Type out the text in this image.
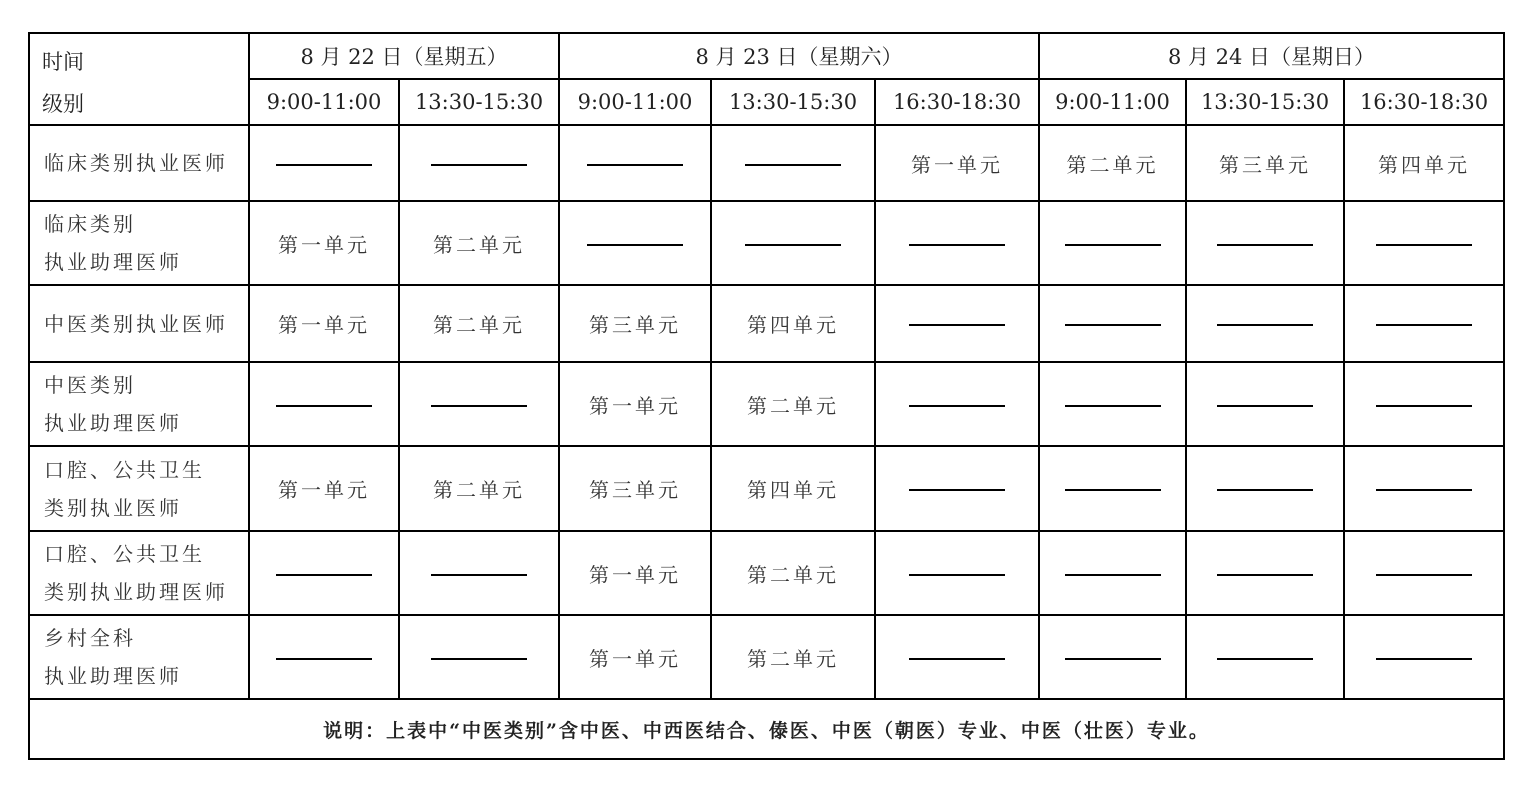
时间
级别	8 月 22 日（星期五）		8 月 23 日（星期六）			8 月 24 日（星期日）		
	9:00-11:00	13:30-15:30	9:00-11:00	13:30-15:30	16:30-18:30	9:00-11:00	13:30-15:30	16:30-18:30

临床类别执业医师					第一单元	第二单元	第三单元	第四单元

临床类别
执业助理医师	第一单元	第二单元						

中医类别执业医师	第一单元	第二单元	第三单元	第四单元				

中医类别
执业助理医师			第一单元	第二单元				

口腔、公共卫生
类别执业医师	第一单元	第二单元	第三单元	第四单元				

口腔、公共卫生
类别执业助理医师			第一单元	第二单元				

乡村全科
执业助理医师			第一单元	第二单元				
说明：上表中“中医类别”含中医、中西医结合、傣医、中医（朝医）专业、中医（壮医）专业。								
